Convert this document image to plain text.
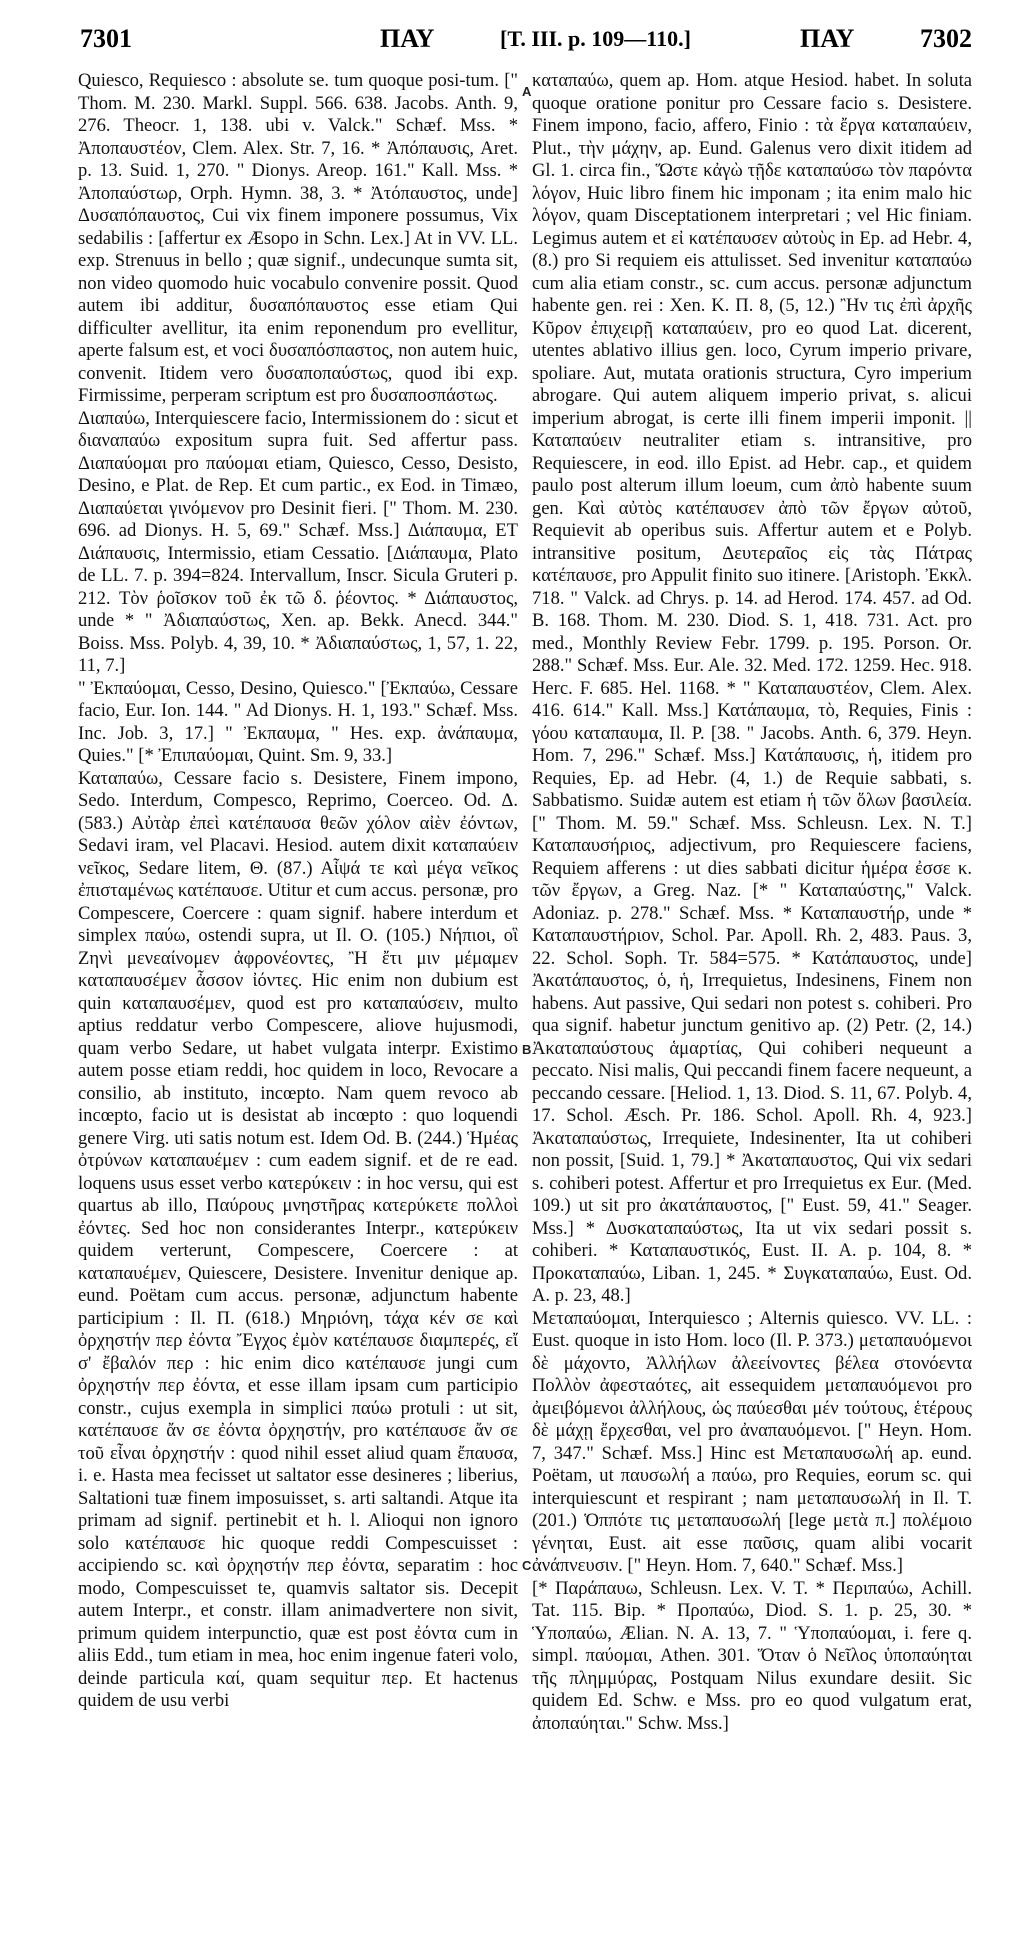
7301	ΠΑΥ	[T. III. p. 109—110.]	ΠΑΥ	7302

Quiesco, Requiesco : absolute se. tum quoque posi-tum. [" Thom. M. 230. Markl. Suppl. 566. 638. Jacobs. Anth. 9, 276. Theocr. 1, 138. ubi v. Valck." Schæf. Mss. * Ἀποπαυστέον, Clem. Alex. Str. 7, 16. * Ἀπόπαυσις, Aret. p. 13. Suid. 1, 270. " Dionys. Areop. 161." Kall. Mss. * Ἀποπαύστωρ, Orph. Hymn. 38, 3. * Ἀτόπαυστος, unde] Δυσαπόπαυστος, Cui vix finem imponere possumus, Vix sedabilis : [affertur ex Æsopo in Schn. Lex.] At in VV. LL. exp. Strenuus in bello ; quæ signif., undecunque sumta sit, non video quomodo huic vocabulo convenire possit. Quod autem ibi additur, δυσαπόπαυστος esse etiam Qui difficulter avellitur, ita enim reponendum pro evellitur, aperte falsum est, et voci δυσαπόσπαστος, non autem huic, convenit. Itidem vero δυσαποπαύστως, quod ibi exp. Firmissime, perperam scriptum est pro δυσαποσπάστως.

Διαπαύω, Interquiescere facio, Intermissionem do : sicut et διαναπαύω expositum supra fuit. Sed affertur pass. Διαπαύομαι pro παύομαι etiam, Quiesco, Cesso, Desisto, Desino, e Plat. de Rep. Et cum partic., ex Eod. in Timæo, Διαπαύεται γινόμενον pro Desinit fieri. [" Thom. M. 230. 696. ad Dionys. H. 5, 69." Schæf. Mss.] Διάπαυμα, ET Διάπαυσις, Intermissio, etiam Cessatio. [Διάπαυμα, Plato de LL. 7. p. 394=824. Intervallum, Inscr. Sicula Gruteri p. 212. Τὸν ῥοῖσκον τοῦ ἐκ τῶ δ. ῥέοντος. * Διάπαυστος, unde * " Ἀδιαπαύστως, Xen. ap. Bekk. Anecd. 344." Boiss. Mss. Polyb. 4, 39, 10. * Ἀδιαπαύστως, 1, 57, 1. 22, 11, 7.]

" Ἐκπαύομαι, Cesso, Desino, Quiesco." [Ἐκπαύω, Cessare facio, Eur. Ion. 144. " Ad Dionys. H. 1, 193." Schæf. Mss. Inc. Job. 3, 17.] " Ἐκπαυμα, " Hes. exp. ἀνάπαυμα, Quies." [* Ἐπιπαύομαι, Quint. Sm. 9, 33.]

Καταπαύω, Cessare facio s. Desistere, Finem impono, Sedo. Interdum, Compesco, Reprimo, Coerceo. Od. Δ. (583.) Αὐτὰρ ἐπεὶ κατέπαυσα θεῶν χόλον αἰὲν ἐόντων, Sedavi iram, vel Placavi. Hesiod. autem dixit καταπαύειν νεῖκος, Sedare litem, Θ. (87.) Αἶψά τε καὶ μέγα νεῖκος ἐπισταμένως κατέπαυσε. Utitur et cum accus. personæ, pro Compescere, Coercere : quam signif. habere interdum et simplex παύω, ostendi supra, ut Il. O. (105.) Νήπιοι, οἳ Ζηνὶ μενεαίνομεν ἀφρονέοντες, Ἢ ἔτι μιν μέμαμεν καταπαυσέμεν ἆσσον ἰόντες. Hic enim non dubium est quin καταπαυσέμεν, quod est pro καταπαύσειν, multo aptius reddatur verbo Compescere, aliove hujusmodi, quam verbo Sedare, ut habet vulgata interpr. Existimo autem posse etiam reddi, hoc quidem in loco, Revocare a consilio, ab instituto, incœpto. Nam quem revoco ab incœpto, facio ut is desistat ab incœpto : quo loquendi genere Virg. uti satis notum est. Idem Od. B. (244.) Ἡμέας ὀτρύνων καταπαυέμεν : cum eadem signif. et de re ead. loquens usus esset verbo κατερύκειν : in hoc versu, qui est quartus ab illo, Παύρους μνηστῆρας κατερύκετε πολλοὶ ἐόντες. Sed hoc non considerantes Interpr., κατερύκειν quidem verterunt, Compescere, Coercere : at καταπαυέμεν, Quiescere, Desistere. Invenitur denique ap. eund. Poëtam cum accus. personæ, adjunctum habente participium : Il. Π. (618.) Μηριόνη, τάχα κέν σε καὶ ὀρχηστήν περ ἐόντα Ἔγχος ἐμὸν κατέπαυσε διαμπερές, εἴ σ' ἔβαλόν περ : hic enim dico κατέπαυσε jungi cum ὀρχηστήν περ ἐόντα, et esse illam ipsam cum participio constr., cujus exempla in simplici παύω protuli : ut sit, κατέπαυσε ἄν σε ἐόντα ὀρχηστήν, pro κατέπαυσε ἄν σε τοῦ εἶναι ὀρχηστήν : quod nihil esset aliud quam ἔπαυσα, i. e. Hasta mea fecisset ut saltator esse desineres ; liberius, Saltationi tuæ finem imposuisset, s. arti saltandi. Atque ita primam ad signif. pertinebit et h. l. Alioqui non ignoro solo κατέπαυσε hic quoque reddi Compescuisset : accipiendo sc. καὶ ὀρχηστήν περ ἐόντα, separatim : hoc modo, Compescuisset te, quamvis saltator sis. Decepit autem Interpr., et constr. illam animadvertere non sivit, primum quidem interpunctio, quæ est post ἐόντα cum in aliis Edd., tum etiam in mea, hoc enim ingenue fateri volo, deinde particula καί, quam sequitur περ. Et hactenus quidem de usu verbi

A
B
C

καταπαύω, quem ap. Hom. atque Hesiod. habet. In soluta quoque oratione ponitur pro Cessare facio s. Desistere. Finem impono, facio, affero, Finio : τὰ ἔργα καταπαύειν, Plut., τὴν μάχην, ap. Eund. Galenus vero dixit itidem ad Gl. 1. circa fin., Ὥστε κἀγὼ τῇδε καταπαύσω τὸν παρόντα λόγον, Huic libro finem hic imponam ; ita enim malo hic λόγον, quam Disceptationem interpretari ; vel Hic finiam. Legimus autem et εἰ κατέπαυσεν αὐτοὺς in Ep. ad Hebr. 4, (8.) pro Si requiem eis attulisset. Sed invenitur καταπαύω cum alia etiam constr., sc. cum accus. personæ adjunctum habente gen. rei : Xen. K. Π. 8, (5, 12.) Ἢν τις ἐπὶ ἀρχῆς Κῦρον ἐπιχειρῇ καταπαύειν, pro eo quod Lat. dicerent, utentes ablativo illius gen. loco, Cyrum imperio privare, spoliare. Aut, mutata orationis structura, Cyro imperium abrogare. Qui autem aliquem imperio privat, s. alicui imperium abrogat, is certe illi finem imperii imponit. || Καταπαύειν neutraliter etiam s. intransitive, pro Requiescere, in eod. illo Epist. ad Hebr. cap., et quidem paulo post alterum illum loeum, cum ἀπὸ habente suum gen. Καὶ αὐτὸς κατέπαυσεν ἀπὸ τῶν ἔργων αὐτοῦ, Requievit ab operibus suis. Affertur autem et e Polyb. intransitive positum, Δευτεραῖος εἰς τὰς Πάτρας κατέπαυσε, pro Appulit finito suo itinere. [Aristoph. Ἐκκλ. 718. " Valck. ad Chrys. p. 14. ad Herod. 174. 457. ad Od. B. 168. Thom. M. 230. Diod. S. 1, 418. 731. Act. pro med., Monthly Review Febr. 1799. p. 195. Porson. Or. 288." Schæf. Mss. Eur. Ale. 32. Med. 172. 1259. Hec. 918. Herc. F. 685. Hel. 1168. * " Καταπαυστέον, Clem. Alex. 416. 614." Kall. Mss.] Κατάπαυμα, τὸ, Requies, Finis : γόου καταπαυμα, Il. P. [38. " Jacobs. Anth. 6, 379. Heyn. Hom. 7, 296." Schæf. Mss.] Κατάπαυσις, ἡ, itidem pro Requies, Ep. ad Hebr. (4, 1.) de Requie sabbati, s. Sabbatismo. Suidæ autem est etiam ἡ τῶν ὅλων βασιλεία. [" Thom. M. 59." Schæf. Mss. Schleusn. Lex. N. T.] Καταπαυσήριος, adjectivum, pro Requiescere faciens, Requiem afferens : ut dies sabbati dicitur ἡμέρα ἐσσε κ. τῶν ἔργων, a Greg. Naz. [* " Καταπαύστης," Valck. Adoniaz. p. 278." Schæf. Mss. * Καταπαυστήρ, unde * Καταπαυστήριον, Schol. Par. Apoll. Rh. 2, 483. Paus. 3, 22. Schol. Soph. Tr. 584=575. * Κατάπαυστος, unde] Ἀκατάπαυστος, ὁ, ἡ, Irrequietus, Indesinens, Finem non habens. Aut passive, Qui sedari non potest s. cohiberi. Pro qua signif. habetur junctum genitivo ap. (2) Petr. (2, 14.) Ἀκαταπαύστους ἁμαρτίας, Qui cohiberi nequeunt a peccato. Nisi malis, Qui peccandi finem facere nequeunt, a peccando cessare. [Heliod. 1, 13. Diod. S. 11, 67. Polyb. 4, 17. Schol. Æsch. Pr. 186. Schol. Apoll. Rh. 4, 923.] Ἀκαταπαύστως, Irrequiete, Indesinenter, Ita ut cohiberi non possit, [Suid. 1, 79.] * Ἀκαταπαυστος, Qui vix sedari s. cohiberi potest. Affertur et pro Irrequietus ex Eur. (Med. 109.) ut sit pro ἀκατάπαυστος, [" Eust. 59, 41." Seager. Mss.] * Δυσκαταπαύστως, Ita ut vix sedari possit s. cohiberi. * Καταπαυστικός, Eust. II. A. p. 104, 8. * Προκαταπαύω, Liban. 1, 245. * Συγκαταπαύω, Eust. Od. A. p. 23, 48.]

Μεταπαύομαι, Interquiesco ; Alternis quiesco. VV. LL. : Eust. quoque in isto Hom. loco (Il. P. 373.) μεταπαυόμενοι δὲ μάχοντο, Ἀλλήλων ἀλεείνοντες βέλεα στονόεντα Πολλὸν ἀφεσταότες, ait essequidem μεταπαυόμενοι pro ἀμειβόμενοι ἀλλήλους, ὡς παύεσθαι μέν τούτους, ἑτέρους δὲ μάχῃ ἔρχεσθαι, vel pro ἀναπαυόμενοι. [" Heyn. Hom. 7, 347." Schæf. Mss.] Hinc est Μεταπαυσωλή ap. eund. Poëtam, ut παυσωλή a παύω, pro Requies, eorum sc. qui interquiescunt et respirant ; nam μεταπαυσωλή in Il. T. (201.) Ὁππότε τις μεταπαυσωλή [lege μετὰ π.] πολέμοιο γένηται, Eust. ait esse παῦσις, quam alibi vocarit ἀνάπνευσιν. [" Heyn. Hom. 7, 640." Schæf. Mss.]

[* Παράπαυω, Schleusn. Lex. V. T. * Περιπαύω, Achill. Tat. 115. Bip. * Προπαύω, Diod. S. 1. p. 25, 30. * Ὑποπαύω, Ælian. N. A. 13, 7. " Ὑποπαύομαι, i. fere q. simpl. παύομαι, Athen. 301. Ὅταν ὁ Νεῖλος ὑποπαύηται τῆς πλημμύρας, Postquam Nilus exundare desiit. Sic quidem Ed. Schw. e Mss. pro eo quod vulgatum erat, ἀποπαύηται." Schw. Mss.]
